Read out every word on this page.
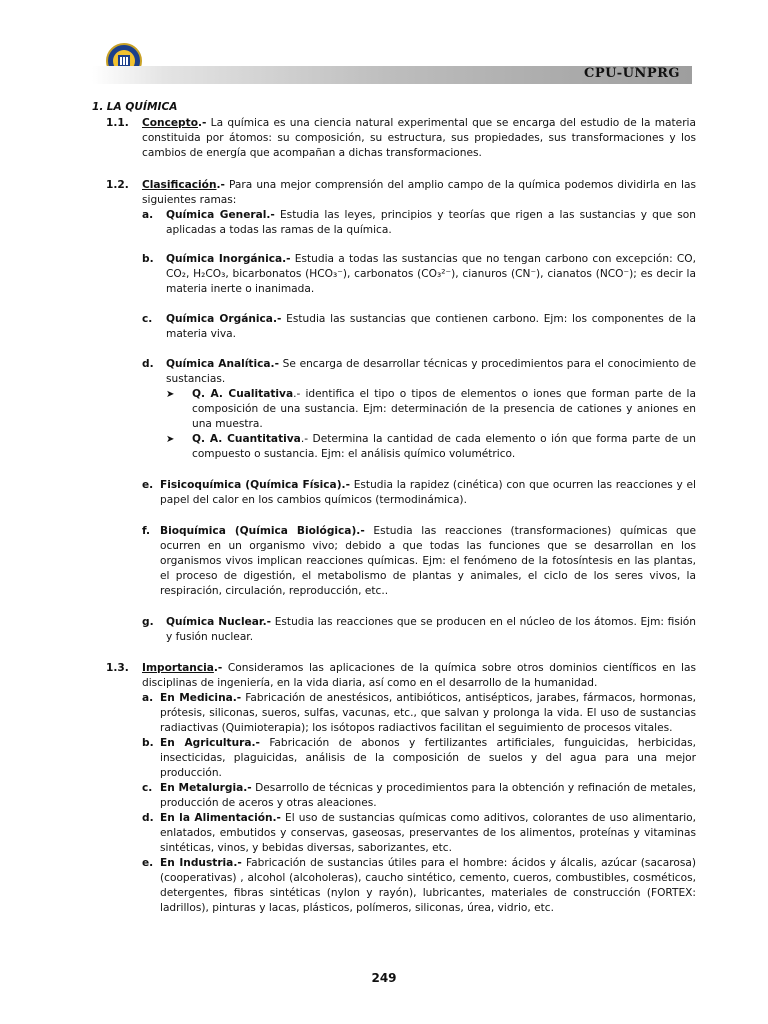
CPU-UNPRG
1. LA QUÍMICA
1.1. Concepto.- La química es una ciencia natural experimental que se encarga del estudio de la materia constituida por átomos: su composición, su estructura, sus propiedades, sus transformaciones y los cambios de energía que acompañan a dichas transformaciones.
1.2. Clasificación.- Para una mejor comprensión del amplio campo de la química podemos dividirla en las siguientes ramas:
a. Química General.- Estudia las leyes, principios y teorías que rigen a las sustancias y que son aplicadas a todas las ramas de la química.
b. Química Inorgánica.- Estudia a todas las sustancias que no tengan carbono con excepción: CO, CO₂, H₂CO₃, bicarbonatos (HCO₃⁻), carbonatos (CO₃²⁻), cianuros (CN⁻), cianatos (NCO⁻); es decir la materia inerte o inanimada.
c. Química Orgánica.- Estudia las sustancias que contienen carbono. Ejm: los componentes de la materia viva.
d. Química Analítica.- Se encarga de desarrollar técnicas y procedimientos para el conocimiento de sustancias.
➤ Q. A. Cualitativa.- identifica el tipo o tipos de elementos o iones que forman parte de la composición de una sustancia. Ejm: determinación de la presencia de cationes y aniones en una muestra.
➤ Q. A. Cuantitativa.- Determina la cantidad de cada elemento o ión que forma parte de un compuesto o sustancia. Ejm: el análisis químico volumétrico.
e. Fisicoquímica (Química Física).- Estudia la rapidez (cinética) con que ocurren las reacciones y el papel del calor en los cambios químicos (termodinámica).
f. Bioquímica (Química Biológica).- Estudia las reacciones (transformaciones) químicas que ocurren en un organismo vivo; debido a que todas las funciones que se desarrollan en los organismos vivos implican reacciones químicas. Ejm: el fenómeno de la fotosíntesis en las plantas, el proceso de digestión, el metabolismo de plantas y animales, el ciclo de los seres vivos, la respiración, circulación, reproducción, etc..
g. Química Nuclear.- Estudia las reacciones que se producen en el núcleo de los átomos. Ejm: fisión y fusión nuclear.
1.3. Importancia.- Consideramos las aplicaciones de la química sobre otros dominios científicos en las disciplinas de ingeniería, en la vida diaria, así como en el desarrollo de la humanidad.
a. En Medicina.- Fabricación de anestésicos, antibióticos, antisépticos, jarabes, fármacos, hormonas, prótesis, siliconas, sueros, sulfas, vacunas, etc., que salvan y prolonga la vida. El uso de sustancias radiactivas (Quimioterapia); los isótopos radiactivos facilitan el seguimiento de procesos vitales.
b. En Agricultura.- Fabricación de abonos y fertilizantes artificiales, funguicidas, herbicidas, insecticidas, plaguicidas, análisis de la composición de suelos y del agua para una mejor producción.
c. En Metalurgia.- Desarrollo de técnicas y procedimientos para la obtención y refinación de metales, producción de aceros y otras aleaciones.
d. En la Alimentación.- El uso de sustancias químicas como aditivos, colorantes de uso alimentario, enlatados, embutidos y conservas, gaseosas, preservantes de los alimentos, proteínas y vitaminas sintéticas, vinos, y bebidas diversas, saborizantes, etc.
e. En Industria.- Fabricación de sustancias útiles para el hombre: ácidos y álcalis, azúcar (sacarosa) (cooperativas) , alcohol (alcoholeras), caucho sintético, cemento, cueros, combustibles, cosméticos, detergentes, fibras sintéticas (nylon y rayón), lubricantes, materiales de construcción (FORTEX: ladrillos), pinturas y lacas, plásticos, polímeros, siliconas, úrea, vidrio, etc.
249
